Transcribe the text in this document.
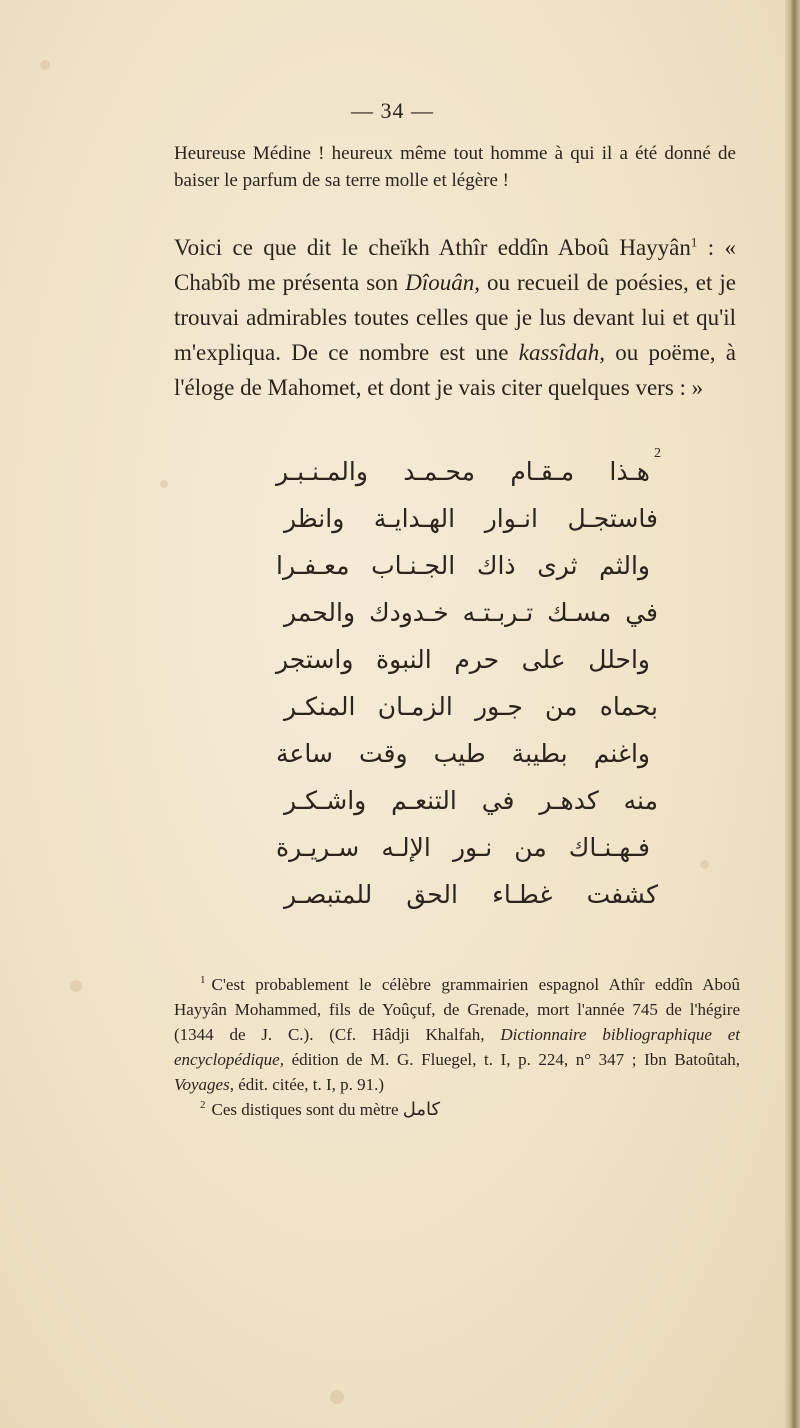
— 34 —
Heureuse Médine ! heureux même tout homme à qui il a été donné de baiser le parfum de sa terre molle et légère !
Voici ce que dit le cheïkh Athîr eddîn Aboû Hayyân$^1$ : « Chabîb me présenta son Dîouân, ou recueil de poésies, et je trouvai admirables toutes celles que je lus devant lui et qu'il m'expliqua. De ce nombre est une kassîdah, ou poëme, à l'éloge de Mahomet, et dont je vais citer quelques vers : »
2
هـذا مـقـام محـمـد والمـنـبـر
فاستجـل انـوار الهـدايـة وانظر
والثم ثرى ذاك الجـنـاب معـفـرا
في مسـك تـربـتـه خـدودك والحمر
واحلل على حرم النبوة واستجر
بحماه من جـور الزمـان المنكـر
واغنم بطيبة طيب وقت ساعة
منه كدهـر في التنعـم واشـكـر
فـهـنـاك من نـور الإلـه سـريـرة
كشفت غطـاء الحق للمتبصـر
$^1$ C'est probablement le célèbre grammairien espagnol Athîr eddîn Aboû Hayyân Mohammed, fils de Yoûçuf, de Grenade, mort l'année 745 de l'hégire (1344 de J. C.). (Cf. Hâdji Khalfah, Dictionnaire bibliographique et encyclopédique, édition de M. G. Fluegel, t. I, p. 224, n° 347 ; Ibn Batoûtah, Voyages, édit. citée, t. I, p. 91.)
$^2$ Ces distiques sont du mètre كامل
